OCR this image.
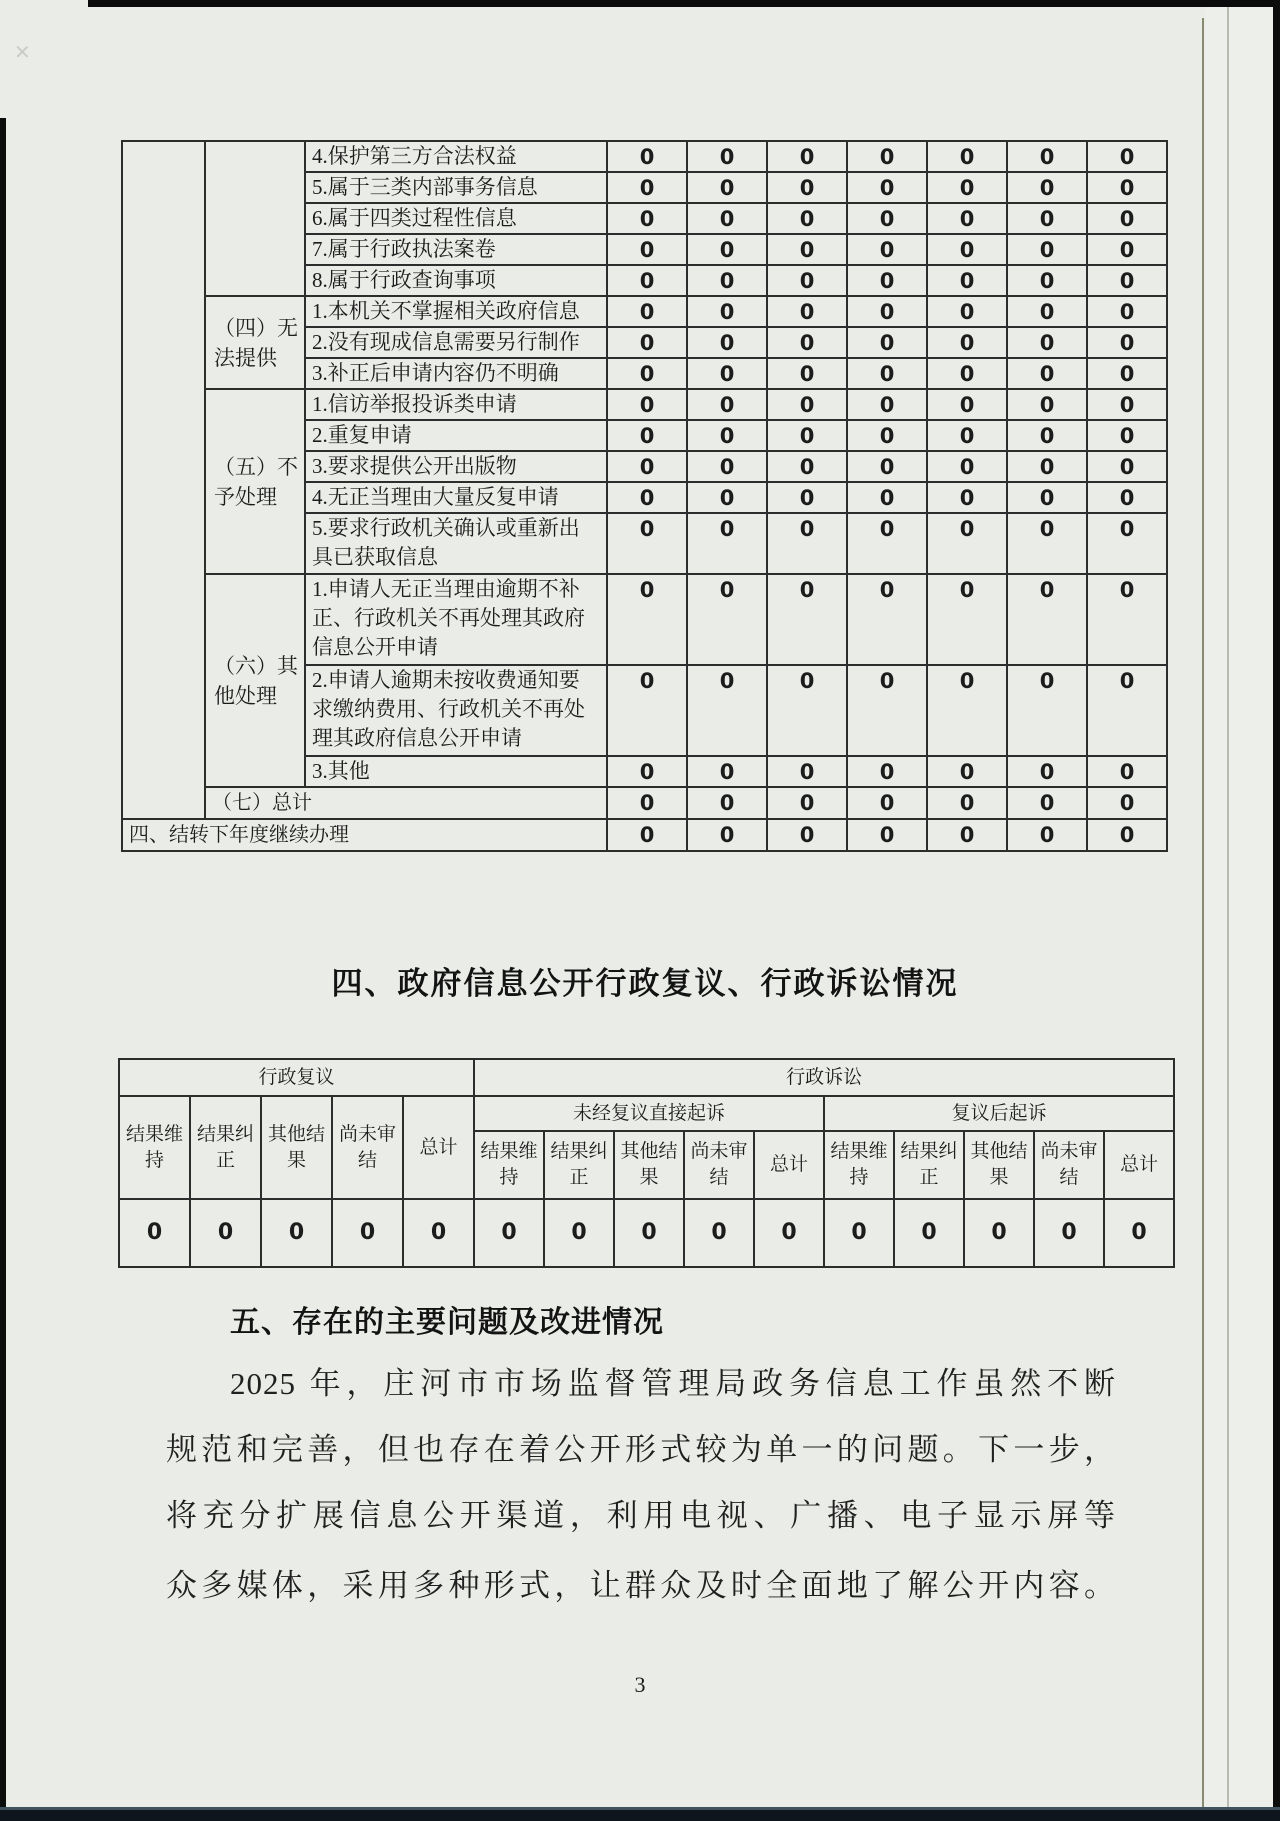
✕
		4.保护第三方合法权益	0	0	0	0	0	0	0
		5.属于三类内部事务信息	0	0	0	0	0	0	0
		6.属于四类过程性信息	0	0	0	0	0	0	0
		7.属于行政执法案卷	0	0	0	0	0	0	0
		8.属于行政查询事项	0	0	0	0	0	0	0
	（四）无法提供	1.本机关不掌握相关政府信息	0	0	0	0	0	0	0
		2.没有现成信息需要另行制作	0	0	0	0	0	0	0
		3.补正后申请内容仍不明确	0	0	0	0	0	0	0
	（五）不予处理	1.信访举报投诉类申请	0	0	0	0	0	0	0
		2.重复申请	0	0	0	0	0	0	0
		3.要求提供公开出版物	0	0	0	0	0	0	0
		4.无正当理由大量反复申请	0	0	0	0	0	0	0
		5.要求行政机关确认或重新出具已获取信息	0	0	0	0	0	0	0
	（六）其他处理	1.申请人无正当理由逾期不补正、行政机关不再处理其政府信息公开申请	0	0	0	0	0	0	0
		2.申请人逾期未按收费通知要求缴纳费用、行政机关不再处理其政府信息公开申请	0	0	0	0	0	0	0
		3.其他	0	0	0	0	0	0	0
	（七）总计		0	0	0	0	0	0	0
四、结转下年度继续办理			0	0	0	0	0	0	0
四、政府信息公开行政复议、行政诉讼情况
行政复议					行政诉讼									
结果维持	结果纠正	其他结果	尚未审结	总计	未经复议直接起诉					复议后起诉				
					结果维持	结果纠正	其他结果	尚未审结	总计	结果维持	结果纠正	其他结果	尚未审结	总计
0	0	0	0	0	0	0	0	0	0	0	0	0	0	0
五、存在的主要问题及改进情况
2025 年，庄河市市场监督管理局政务信息工作虽然不断
规范和完善，但也存在着公开形式较为单一的问题。下一步，
将充分扩展信息公开渠道，利用电视、广播、电子显示屏等
众多媒体，采用多种形式，让群众及时全面地了解公开内容。
3
